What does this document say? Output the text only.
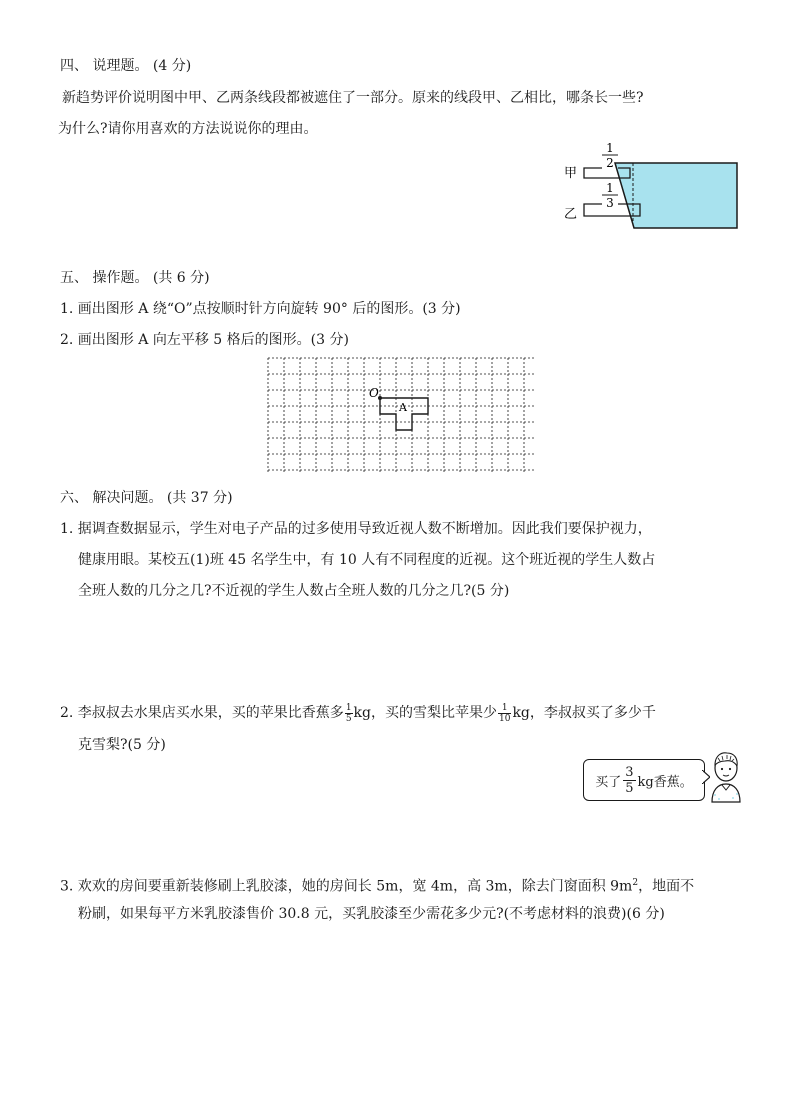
四、 说理题。 (4 分)
新趋势评价说明图中甲、乙两条线段都被遮住了一部分。原来的线段甲、乙相比，哪条长一些?
为什么?请你用喜欢的方法说说你的理由。
甲
乙
1
2
1
3
五、 操作题。 (共 6 分)
1. 画出图形 A 绕“O”点按顺时针方向旋转 90° 后的图形。(3 分)
2. 画出图形 A 向左平移 5 格后的图形。(3 分)
O
A
六、 解决问题。 (共 37 分)
1. 据调查数据显示，学生对电子产品的过多使用导致近视人数不断增加。因此我们要保护视力，
健康用眼。某校五(1)班 45 名学生中，有 10 人有不同程度的近视。这个班近视的学生人数占
全班人数的几分之几?不近视的学生人数占全班人数的几分之几?(5 分)
2. 李叔叔去水果店买水果，买的苹果比香蕉多 $\frac{1}{5}$ kg，买的雪梨比苹果少 $\frac{1}{10}$ kg，李叔叔买了多少千
克雪梨?(5 分)
买了 $\frac{3}{5}$ kg香蕉。
3. 欢欢的房间要重新装修刷上乳胶漆，她的房间长 5m，宽 4m，高 3m，除去门窗面积 $9m^2$，地面不
粉刷，如果每平方米乳胶漆售价 30.8 元，买乳胶漆至少需花多少元?(不考虑材料的浪费)(6 分)
